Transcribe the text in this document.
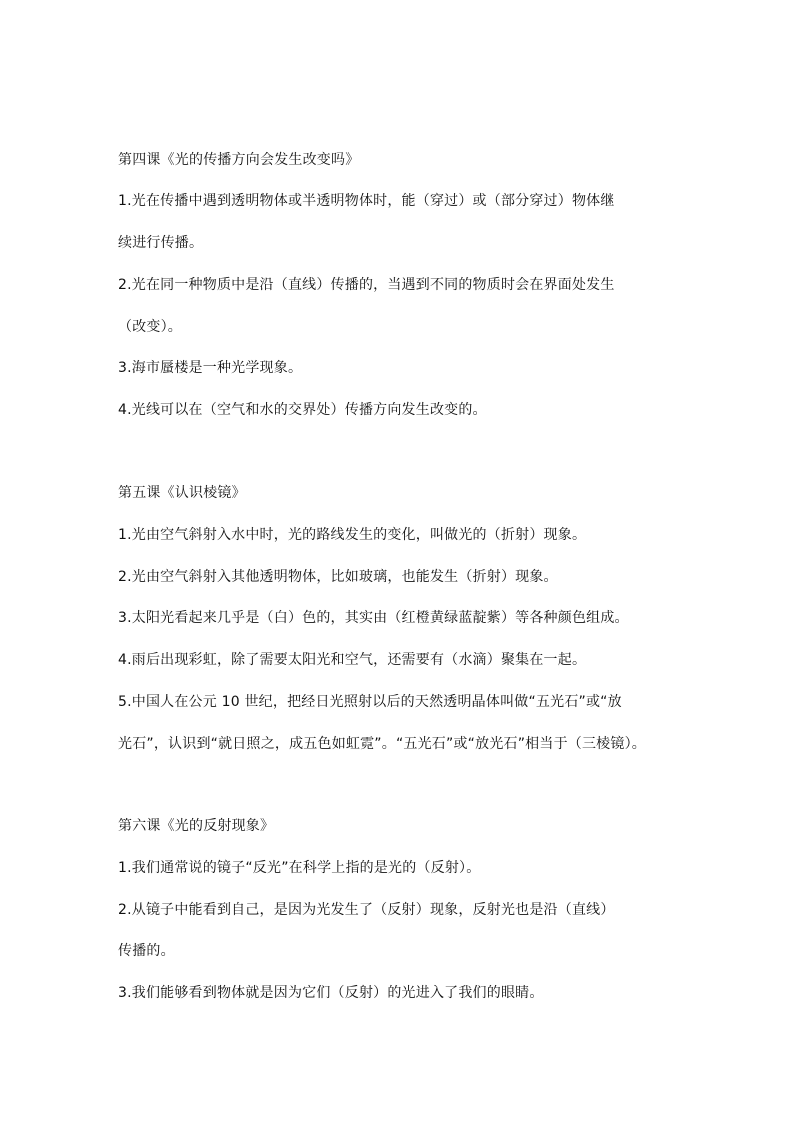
第四课《光的传播方向会发生改变吗》
1.光在传播中遇到透明物体或半透明物体时，能（穿过）或（部分穿过）物体继
续进行传播。
2.光在同一种物质中是沿（直线）传播的，当遇到不同的物质时会在界面处发生
（改变）。
3.海市蜃楼是一种光学现象。
4.光线可以在（空气和水的交界处）传播方向发生改变的。
第五课《认识棱镜》
1.光由空气斜射入水中时，光的路线发生的变化，叫做光的（折射）现象。
2.光由空气斜射入其他透明物体，比如玻璃，也能发生（折射）现象。
3.太阳光看起来几乎是（白）色的，其实由（红橙黄绿蓝靛紫）等各种颜色组成。
4.雨后出现彩虹，除了需要太阳光和空气，还需要有（水滴）聚集在一起。
5.中国人在公元 10 世纪，把经日光照射以后的天然透明晶体叫做“五光石”或“放
光石”，认识到“就日照之，成五色如虹霓”。“五光石”或“放光石”相当于（三棱镜）。
第六课《光的反射现象》
1.我们通常说的镜子“反光”在科学上指的是光的（反射）。
2.从镜子中能看到自己，是因为光发生了（反射）现象，反射光也是沿（直线）
传播的。
3.我们能够看到物体就是因为它们（反射）的光进入了我们的眼睛。
